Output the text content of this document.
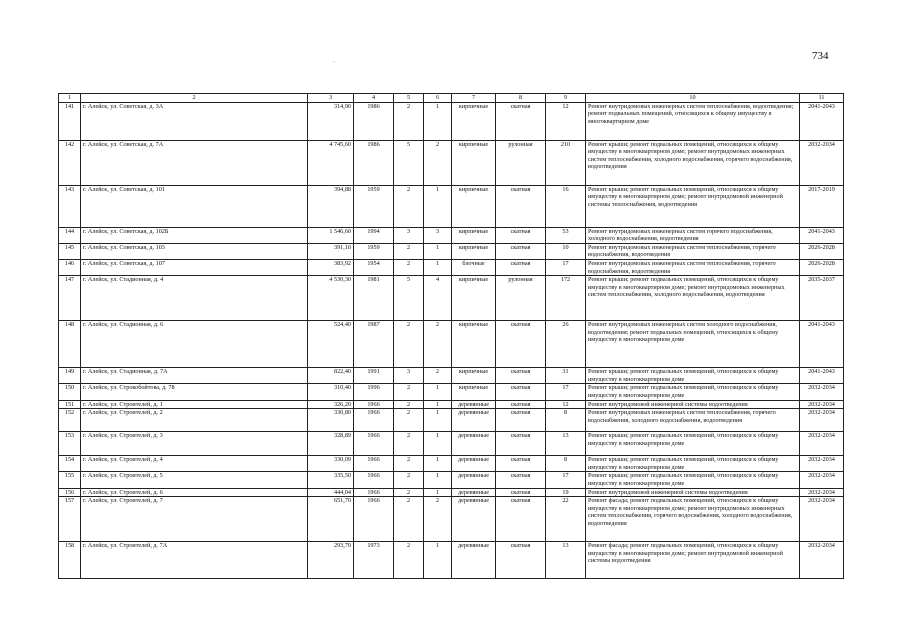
734
.
1	2	3	4	5	6	7	8	9	10	11
141	г. Алейск, ул. Советская, д. 3А	314,90	1986	2	1	кирпичные	скатная	12	Ремонт внутридомовых инженерных систем теплоснабжения, водоотведения; ремонт подвальных помещений, относящихся к общему имуществу в многоквартирном доме	2041-2043
142	г. Алейск, ул. Советская, д. 7А	4 745,60	1986	5	2	кирпичные	рулонная	210	Ремонт крыши; ремонт подвальных помещений, относящихся к общему имуществу в многоквартирном доме; ремонт внутридомовых инженерных систем теплоснабжения, холодного водоснабжения, горячего водоснабжения, водоотведения	2032-2034
143	г. Алейск, ул. Советская, д. 101	394,88	1959	2	1	кирпичные	скатная	16	Ремонт крыши; ремонт подвальных помещений, относящихся к общему имуществу в многоквартирном доме; ремонт внутридомовой инженерной системы теплоснабжения, водоотведения	2017-2019
144	г. Алейск, ул. Советская, д. 102Б	1 546,60	1994	3	3	кирпичные	скатная	53	Ремонт внутридомовых инженерных систем горячего водоснабжения, холодного водоснабжения, водоотведения	2041-2043
145	г. Алейск, ул. Советская, д. 103	391,10	1959	2	1	кирпичные	скатная	10	Ремонт внутридомовых инженерных систем теплоснабжения, горячего водоснабжения, водоотведения	2026-2028
146	г. Алейск, ул. Советская, д. 107	383,92	1954	2	1	блочные	скатная	17	Ремонт внутридомовых инженерных систем теплоснабжения, горячего водоснабжения, водоотведения	2026-2028
147	г. Алейск, ул. Стадионная, д. 4	4 530,30	1981	5	4	кирпичные	рулонная	172	Ремонт крыши; ремонт подвальных помещений, относящихся к общему имуществу в многоквартирном доме; ремонт внутридомовых инженерных систем теплоснабжения, холодного водоснабжения, водоотведения	2035-2037
148	г. Алейск, ул. Стадионная, д. 6	524,40	1987	2	2	кирпичные	скатная	26	Ремонт внутридомовых инженерных систем холодного водоснабжения, водоотведения; ремонт подвальных помещений, относящихся к общему имуществу в многоквартирном доме	2041-2043
149	г. Алейск, ул. Стадионная, д. 7А	822,40	1991	3	2	кирпичные	скатная	31	Ремонт крыши; ремонт подвальных помещений, относящихся к общему имуществу в многоквартирном доме	2041-2043
150	г. Алейск, ул. Строкобойтова, д. 78	310,40	1996	2	1	кирпичные	скатная	17	Ремонт крыши; ремонт подвальных помещений, относящихся к общему имуществу в многоквартирном доме	2032-2034
151	г. Алейск, ул. Строителей, д. 1	326,20	1966	2	1	деревянные	скатная	12	Ремонт внутридомовой инженерной системы водоотведения	2032-2034
152	г. Алейск, ул. Строителей, д. 2	330,80	1966	2	1	деревянные	скатная	8	Ремонт внутридомовых инженерных систем теплоснабжения, горячего водоснабжения, холодного водоснабжения, водоотведения	2032-2034
153	г. Алейск, ул. Строителей, д. 3	328,89	1966	2	1	деревянные	скатная	13	Ремонт крыши; ремонт подвальных помещений, относящихся к общему имуществу в многоквартирном доме	2032-2034
154	г. Алейск, ул. Строителей, д. 4	330,09	1966	2	1	деревянные	скатная	8	Ремонт крыши; ремонт подвальных помещений, относящихся к общему имуществу в многоквартирном доме	2032-2034
155	г. Алейск, ул. Строителей, д. 5	335,50	1966	2	1	деревянные	скатная	17	Ремонт крыши; ремонт подвальных помещений, относящихся к общему имуществу в многоквартирном доме	2032-2034
156	г. Алейск, ул. Строителей, д. 6	444,04	1966	2	1	деревянные	скатная	19	Ремонт внутридомовой инженерной системы водоотведения	2032-2034
157	г. Алейск, ул. Строителей, д. 7	651,70	1966	2	2	деревянные	скатная	22	Ремонт фасада; ремонт подвальных помещений, относящихся к общему имуществу в многоквартирном доме; ремонт внутридомовых инженерных систем теплоснабжения, горячего водоснабжения, холодного водоснабжения, водоотведения	2032-2034
158	г. Алейск, ул. Строителей, д. 7А	293,70	1973	2	1	деревянные	скатная	13	Ремонт фасада; ремонт подвальных помещений, относящихся к общему имуществу в многоквартирном доме; ремонт внутридомовой инженерной системы водоотведения	2032-2034
